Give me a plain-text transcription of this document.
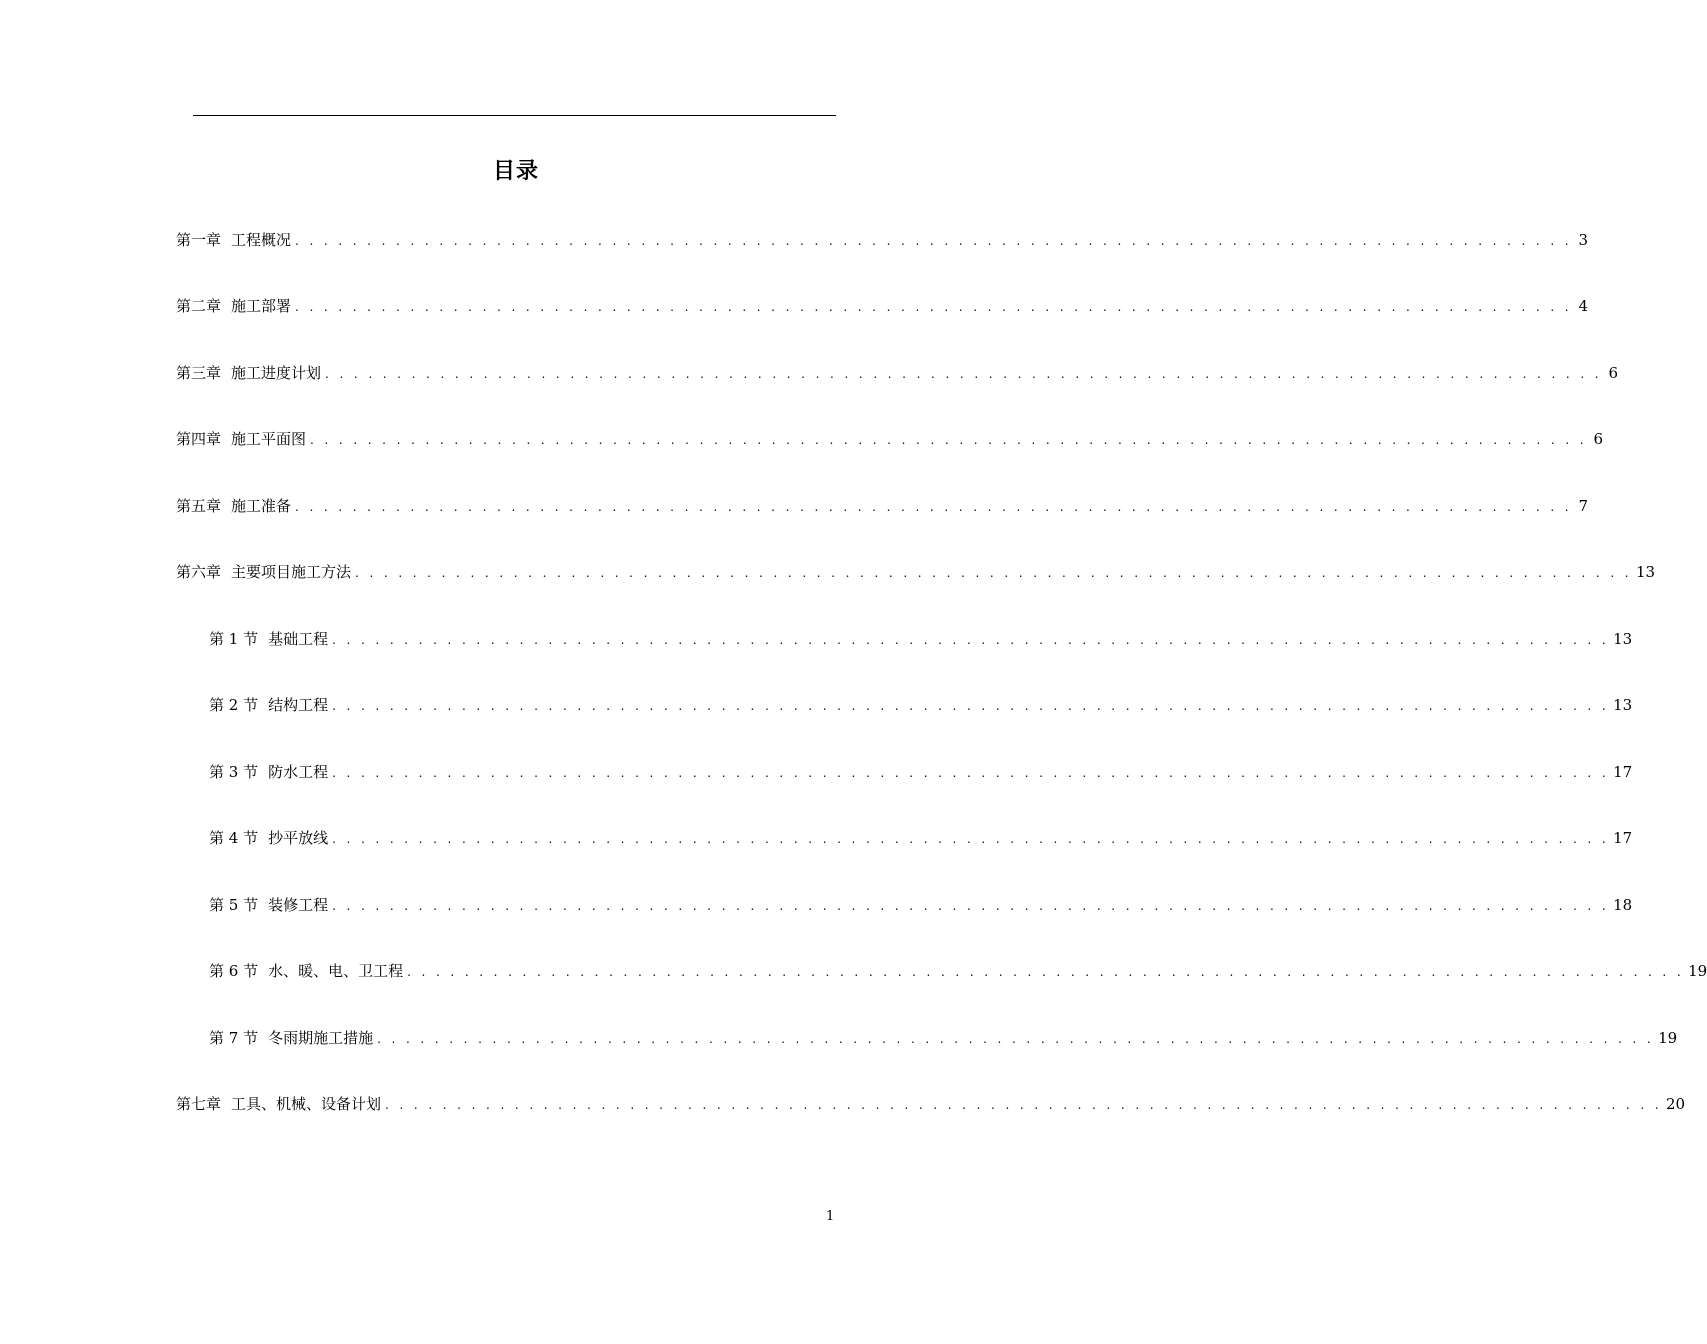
目录
第一章 工程概况 . . . . . . . . . . . . . . . . . . . . . . . . . . . . . . . . . . . . . . . . . . . . . . . . . . . . . . . . . . . . . . . . . . . . . . . . . . . . . . . . . . . . . . . . . 3
第二章 施工部署 . . . . . . . . . . . . . . . . . . . . . . . . . . . . . . . . . . . . . . . . . . . . . . . . . . . . . . . . . . . . . . . . . . . . . . . . . . . . . . . . . . . . . . . . . 4
第三章 施工进度计划 . . . . . . . . . . . . . . . . . . . . . . . . . . . . . . . . . . . . . . . . . . . . . . . . . . . . . . . . . . . . . . . . . . . . . . . . . . . . . . . . . . . . . . . . . 6
第四章 施工平面图 . . . . . . . . . . . . . . . . . . . . . . . . . . . . . . . . . . . . . . . . . . . . . . . . . . . . . . . . . . . . . . . . . . . . . . . . . . . . . . . . . . . . . . . . . 6
第五章 施工准备 . . . . . . . . . . . . . . . . . . . . . . . . . . . . . . . . . . . . . . . . . . . . . . . . . . . . . . . . . . . . . . . . . . . . . . . . . . . . . . . . . . . . . . . . . 7
第六章 主要项目施工方法 . . . . . . . . . . . . . . . . . . . . . . . . . . . . . . . . . . . . . . . . . . . . . . . . . . . . . . . . . . . . . . . . . . . . . . . . . . . . . . . . . . . . . . . . . 13
第 1 节 基础工程 . . . . . . . . . . . . . . . . . . . . . . . . . . . . . . . . . . . . . . . . . . . . . . . . . . . . . . . . . . . . . . . . . . . . . . . . . . . . . . . . . . . . . . . . . 13
第 2 节 结构工程 . . . . . . . . . . . . . . . . . . . . . . . . . . . . . . . . . . . . . . . . . . . . . . . . . . . . . . . . . . . . . . . . . . . . . . . . . . . . . . . . . . . . . . . . . 13
第 3 节 防水工程 . . . . . . . . . . . . . . . . . . . . . . . . . . . . . . . . . . . . . . . . . . . . . . . . . . . . . . . . . . . . . . . . . . . . . . . . . . . . . . . . . . . . . . . . . 17
第 4 节 抄平放线 . . . . . . . . . . . . . . . . . . . . . . . . . . . . . . . . . . . . . . . . . . . . . . . . . . . . . . . . . . . . . . . . . . . . . . . . . . . . . . . . . . . . . . . . . 17
第 5 节 装修工程 . . . . . . . . . . . . . . . . . . . . . . . . . . . . . . . . . . . . . . . . . . . . . . . . . . . . . . . . . . . . . . . . . . . . . . . . . . . . . . . . . . . . . . . . . 18
第 6 节 水、暖、电、卫工程 . . . . . . . . . . . . . . . . . . . . . . . . . . . . . . . . . . . . . . . . . . . . . . . . . . . . . . . . . . . . . . . . . . . . . . . . . . . . . . . . . . . . . . . . . 19
第 7 节 冬雨期施工措施 . . . . . . . . . . . . . . . . . . . . . . . . . . . . . . . . . . . . . . . . . . . . . . . . . . . . . . . . . . . . . . . . . . . . . . . . . . . . . . . . . . . . . . . . . 19
第七章 工具、机械、设备计划 . . . . . . . . . . . . . . . . . . . . . . . . . . . . . . . . . . . . . . . . . . . . . . . . . . . . . . . . . . . . . . . . . . . . . . . . . . . . . . . . . . . . . . . . . 20
1
